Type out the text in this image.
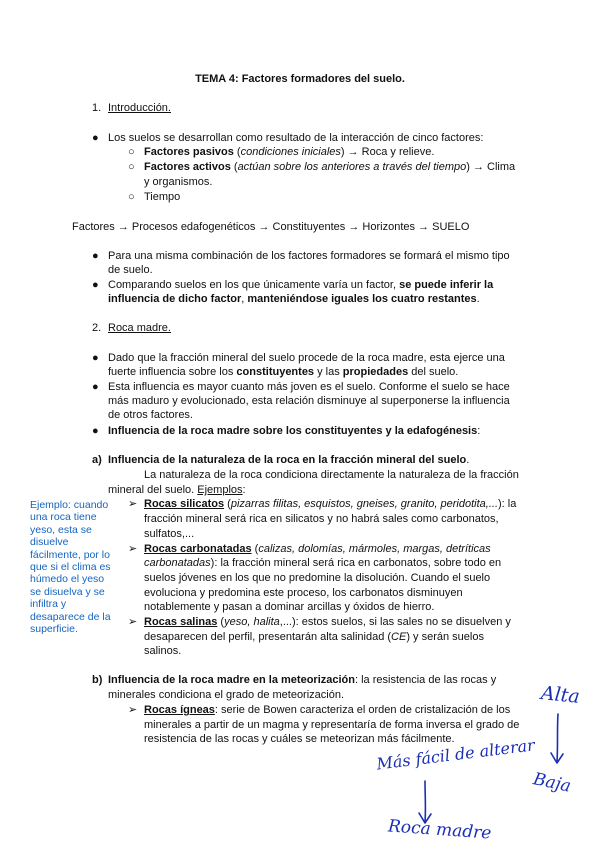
TEMA 4: Factores formadores del suelo.
1. Introducción.
● Los suelos se desarrollan como resultado de la interacción de cinco factores:
○ Factores pasivos (condiciones iniciales) → Roca y relieve.
○ Factores activos (actúan sobre los anteriores a través del tiempo) → Clima
y organismos.
○ Tiempo
Factores → Procesos edafogenéticos → Constituyentes → Horizontes → SUELO
● Para una misma combinación de los factores formadores se formará el mismo tipo
de suelo.
● Comparando suelos en los que únicamente varía un factor, se puede inferir la
influencia de dicho factor, manteniéndose iguales los cuatro restantes.
2. Roca madre.
● Dado que la fracción mineral del suelo procede de la roca madre, esta ejerce una
fuerte influencia sobre los constituyentes y las propiedades del suelo.
● Esta influencia es mayor cuanto más joven es el suelo. Conforme el suelo se hace
más maduro y evolucionado, esta relación disminuye al superponerse la influencia
de otros factores.
● Influencia de la roca madre sobre los constituyentes y la edafogénesis:
a) Influencia de la naturaleza de la roca en la fracción mineral del suelo.
La naturaleza de la roca condiciona directamente la naturaleza de la fracción
mineral del suelo. Ejemplos:
➢ Rocas silicatos (pizarras filitas, esquistos, gneises, granito, peridotita,...): la
fracción mineral será rica en silicatos y no habrá sales como carbonatos,
sulfatos,...
➢ Rocas carbonatadas (calizas, dolomías, mármoles, margas, detríticas
carbonatadas): la fracción mineral será rica en carbonatos, sobre todo en
suelos jóvenes en los que no predomine la disolución. Cuando el suelo
evoluciona y predomina este proceso, los carbonatos disminuyen
notablemente y pasan a dominar arcillas y óxidos de hierro.
➢ Rocas salinas (yeso, halita,...): estos suelos, si las sales no se disuelven y
desaparecen del perfil, presentarán alta salinidad (CE) y serán suelos
salinos.
Ejemplo: cuando
una roca tiene
yeso, esta se
disuelve
fácilmente, por lo
que si el clima es
húmedo el yeso
se disuelva y se
infiltra y
desaparece de la
superficie.
b) Influencia de la roca madre en la meteorización: la resistencia de las rocas y
minerales condiciona el grado de meteorización.
➢ Rocas ígneas: serie de Bowen caracteriza el orden de cristalización de los
minerales a partir de un magma y representaría de forma inversa el grado de
resistencia de las rocas y cuáles se meteorizan más fácilmente.
Alta
Baja
Más fácil de alterar
Roca madre
